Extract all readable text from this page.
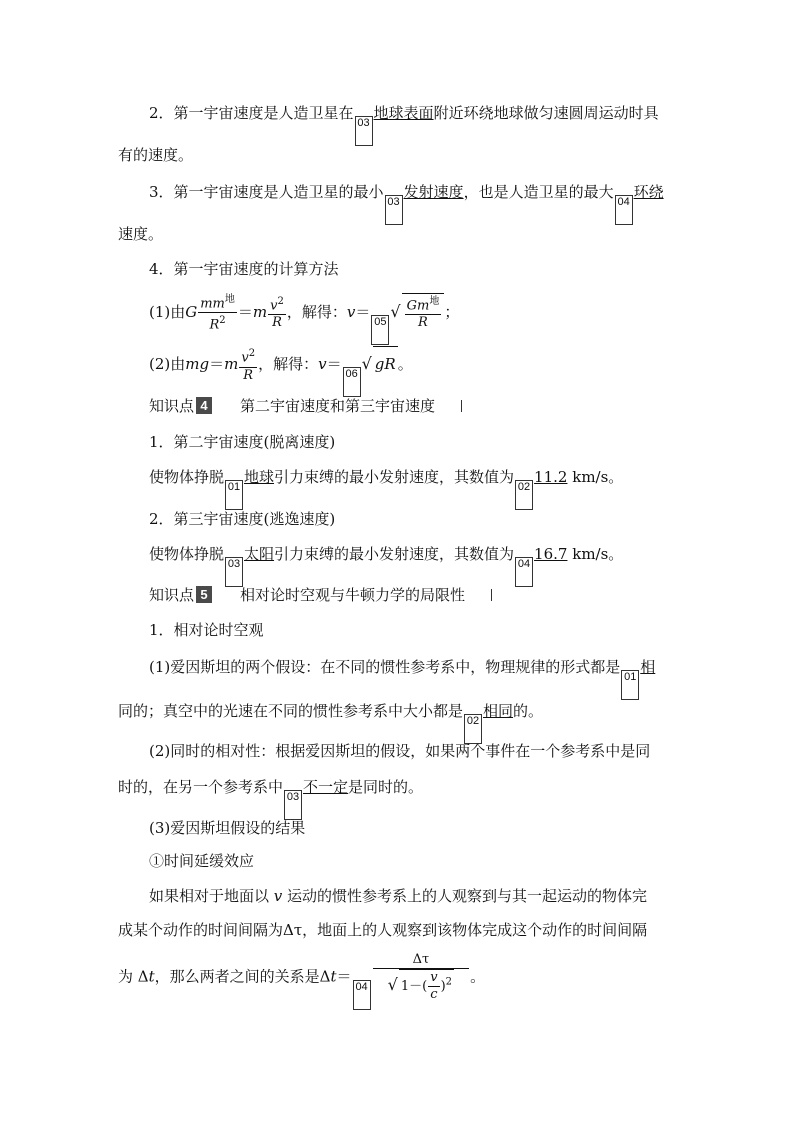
2．第一宇宙速度是人造卫星在03地球表面附近环绕地球做匀速圆周运动时具
有的速度。
3．第一宇宙速度是人造卫星的最小03发射速度，也是人造卫星的最大04环绕
速度。
4．第一宇宙速度的计算方法
(1)由G $\frac{mm^地}{R^2} =m \frac{v^2}{R}$ ，解得：$v=05√ \frac{Gm^地}{R}$ ；
(2)由$mg=m \frac{v^2}{R}$ ，解得：v＝06√ gR 。
知识点 4 第二宇宙速度和第三宇宙速度
1．第二宇宙速度(脱离速度)
使物体挣脱01地球引力束缚的最小发射速度，其数值为0211.2 km/s。
2．第三宇宙速度(逃逸速度)
使物体挣脱03太阳引力束缚的最小发射速度，其数值为0416.7 km/s。
知识点 5 相对论时空观与牛顿力学的局限性
1．相对论时空观
(1)爱因斯坦的两个假设：在不同的惯性参考系中，物理规律的形式都是01相
同的；真空中的光速在不同的惯性参考系中大小都是02相同的。
(2)同时的相对性：根据爱因斯坦的假设，如果两个事件在一个参考系中是同
时的，在另一个参考系中03不一定是同时的。
(3)爱因斯坦假设的结果
①时间延缓效应
如果相对于地面以 v 运动的惯性参考系上的人观察到与其一起运动的物体完
成某个动作的时间间隔为Δτ，地面上的人观察到该物体完成这个动作的时间间隔
为 Δt，那么两者之间的关系是$\Delta t=04 \frac{\Delta\tau}{√ 1-( \frac{v}{c} )^2}$ 。
